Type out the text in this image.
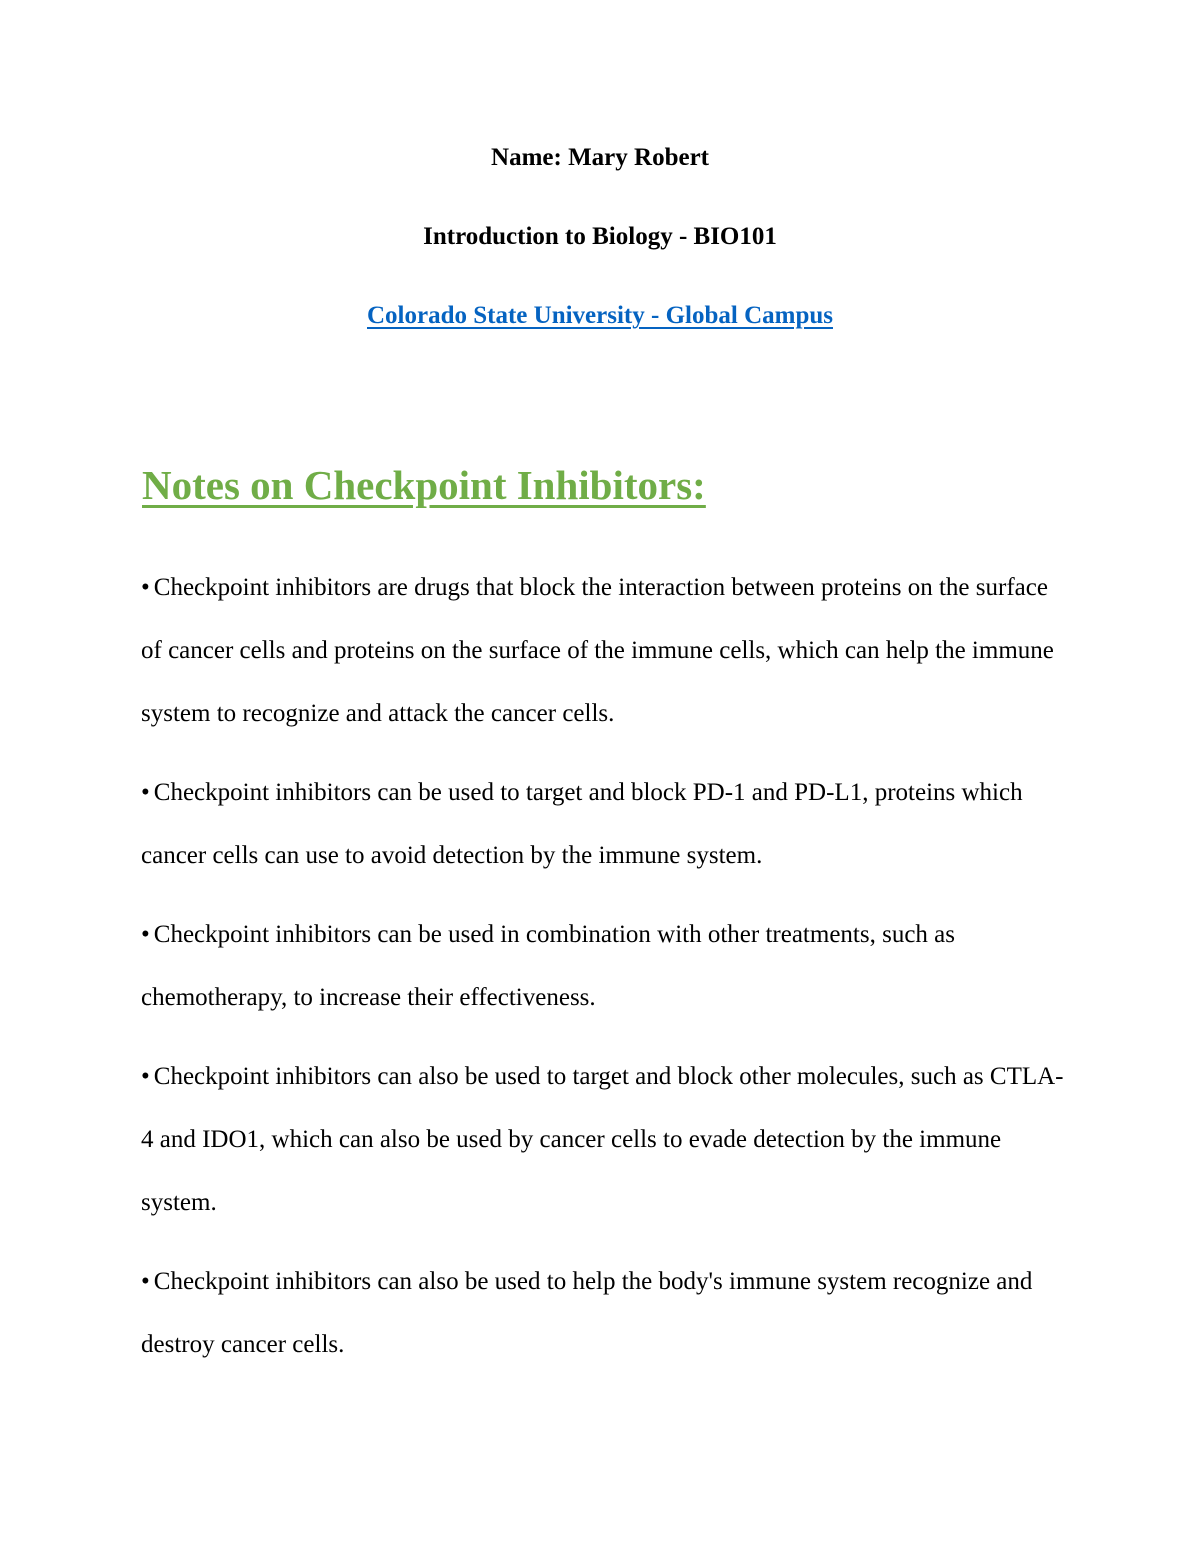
Name: Mary Robert

Introduction to Biology - BIO101

Colorado State University - Global Campus

Notes on Checkpoint Inhibitors:
• Checkpoint inhibitors are drugs that block the interaction between proteins on the surface of cancer cells and proteins on the surface of the immune cells, which can help the immune system to recognize and attack the cancer cells.
• Checkpoint inhibitors can be used to target and block PD-1 and PD-L1, proteins which cancer cells can use to avoid detection by the immune system.
• Checkpoint inhibitors can be used in combination with other treatments, such as chemotherapy, to increase their effectiveness.
• Checkpoint inhibitors can also be used to target and block other molecules, such as CTLA-4 and IDO1, which can also be used by cancer cells to evade detection by the immune system.
• Checkpoint inhibitors can also be used to help the body's immune system recognize and destroy cancer cells.
